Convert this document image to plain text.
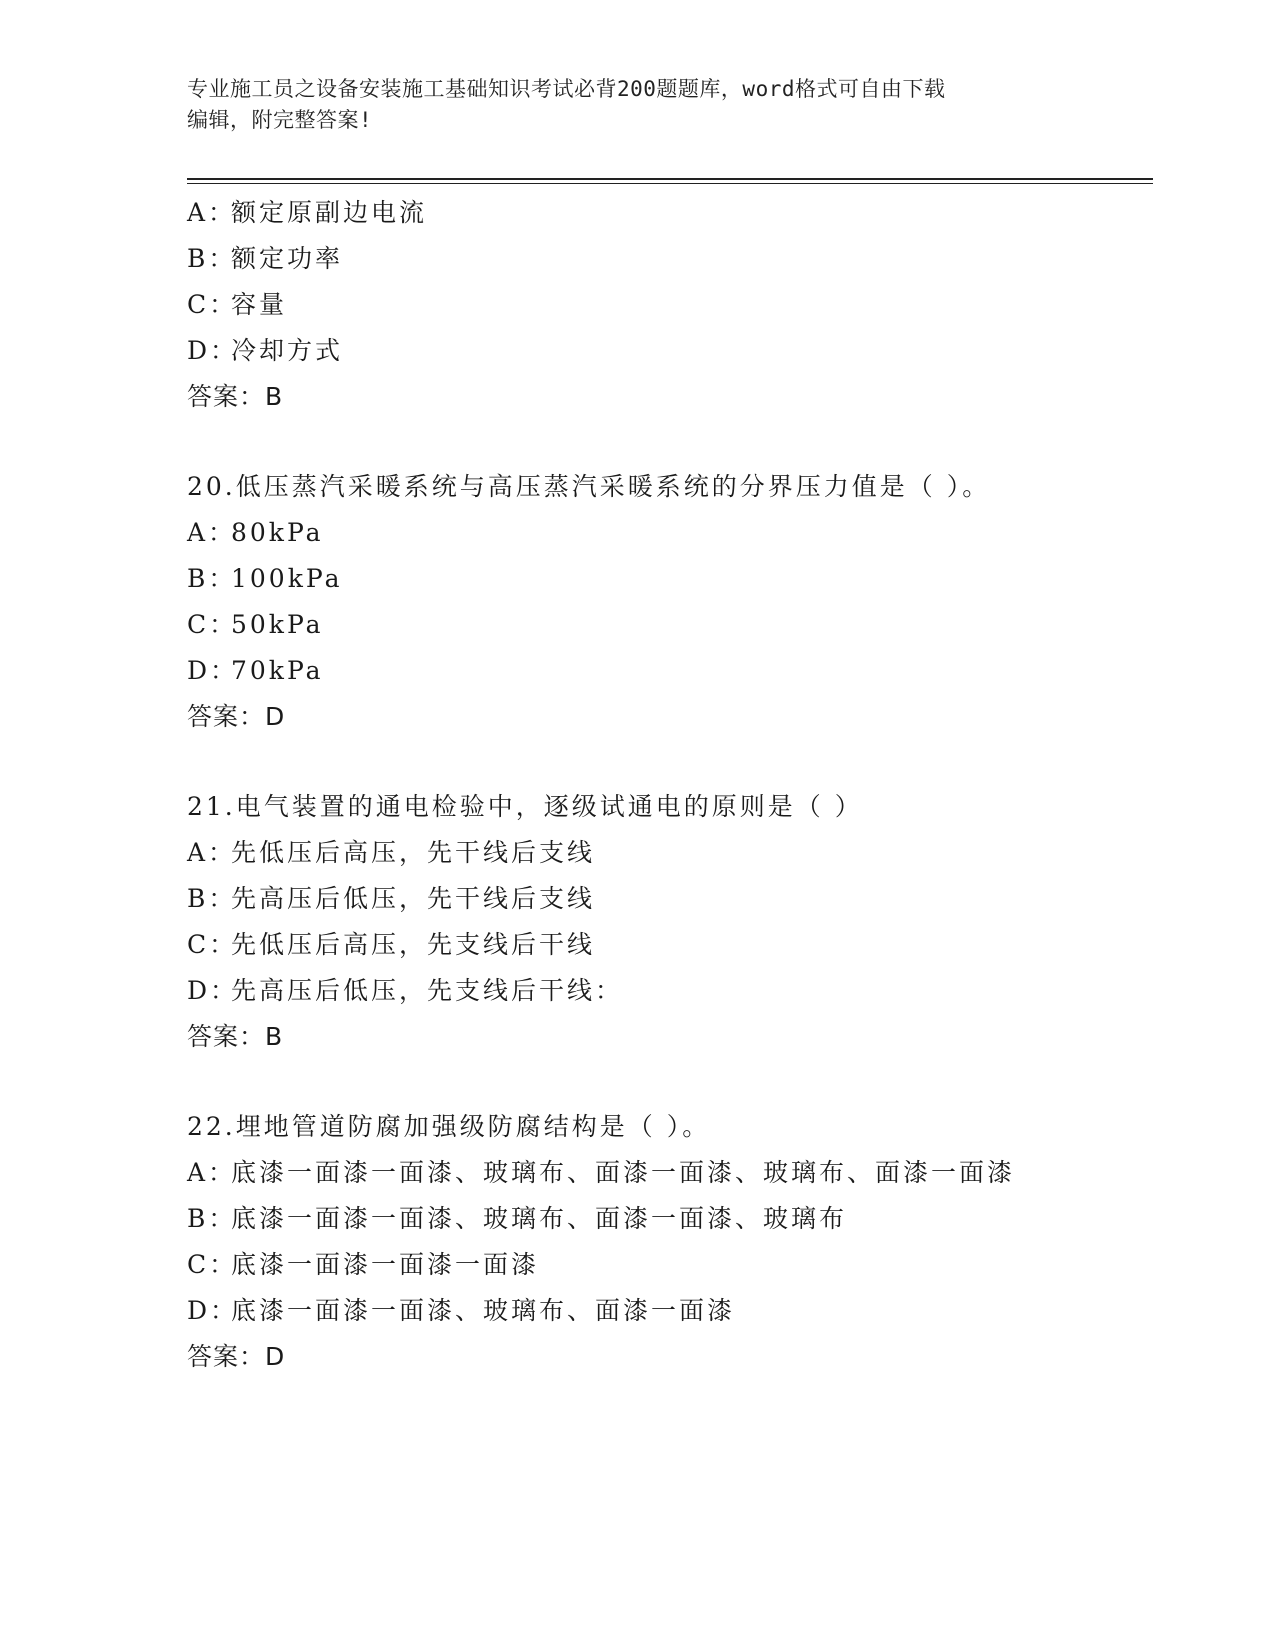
专业施工员之设备安装施工基础知识考试必背200题题库，word格式可自由下载
编辑，附完整答案!
A：额定原副边电流
B：额定功率
C：容量
D：冷却方式
答案：B
20.低压蒸汽采暖系统与高压蒸汽采暖系统的分界压力值是（ ）。
A：80kPa
B：100kPa
C：50kPa
D：70kPa
答案：D
21.电气装置的通电检验中，逐级试通电的原则是（ ）
A：先低压后高压，先干线后支线
B：先高压后低压，先干线后支线
C：先低压后高压，先支线后干线
D：先高压后低压，先支线后干线：
答案：B
22.埋地管道防腐加强级防腐结构是（ ）。
A：底漆一面漆一面漆、玻璃布、面漆一面漆、玻璃布、面漆一面漆
B：底漆一面漆一面漆、玻璃布、面漆一面漆、玻璃布
C：底漆一面漆一面漆一面漆
D：底漆一面漆一面漆、玻璃布、面漆一面漆
答案：D
